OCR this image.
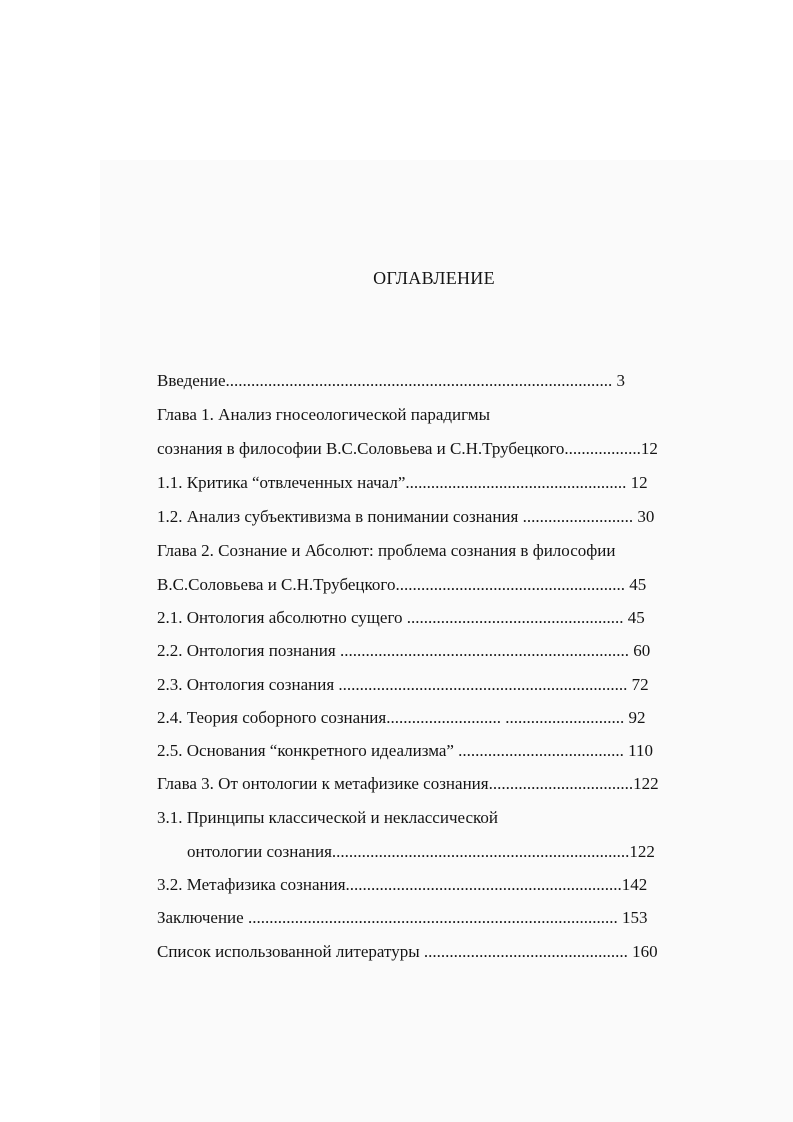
ОГЛАВЛЕНИЕ
Введение........................................................................................... 3
Глава 1. Анализ гносеологической парадигмы
сознания в философии В.С.Соловьева и С.Н.Трубецкого..................12
1.1. Критика “отвлеченных начал”.................................................... 12
1.2. Анализ субъективизма в понимании сознания .......................... 30
Глава 2. Сознание и Абсолют: проблема сознания в философии
В.С.Соловьева и С.Н.Трубецкого...................................................... 45
2.1. Онтология абсолютно сущего ................................................... 45
2.2. Онтология познания .................................................................... 60
2.3. Онтология сознания .................................................................... 72
2.4. Теория соборного сознания........................... ............................ 92
2.5. Основания “конкретного идеализма” ....................................... 110
Глава 3. От онтологии к метафизике сознания..................................122
3.1. Принципы классической и неклассической
онтологии сознания......................................................................122
3.2. Метафизика сознания.................................................................142
Заключение ....................................................................................... 153
Список использованной литературы ................................................ 160
